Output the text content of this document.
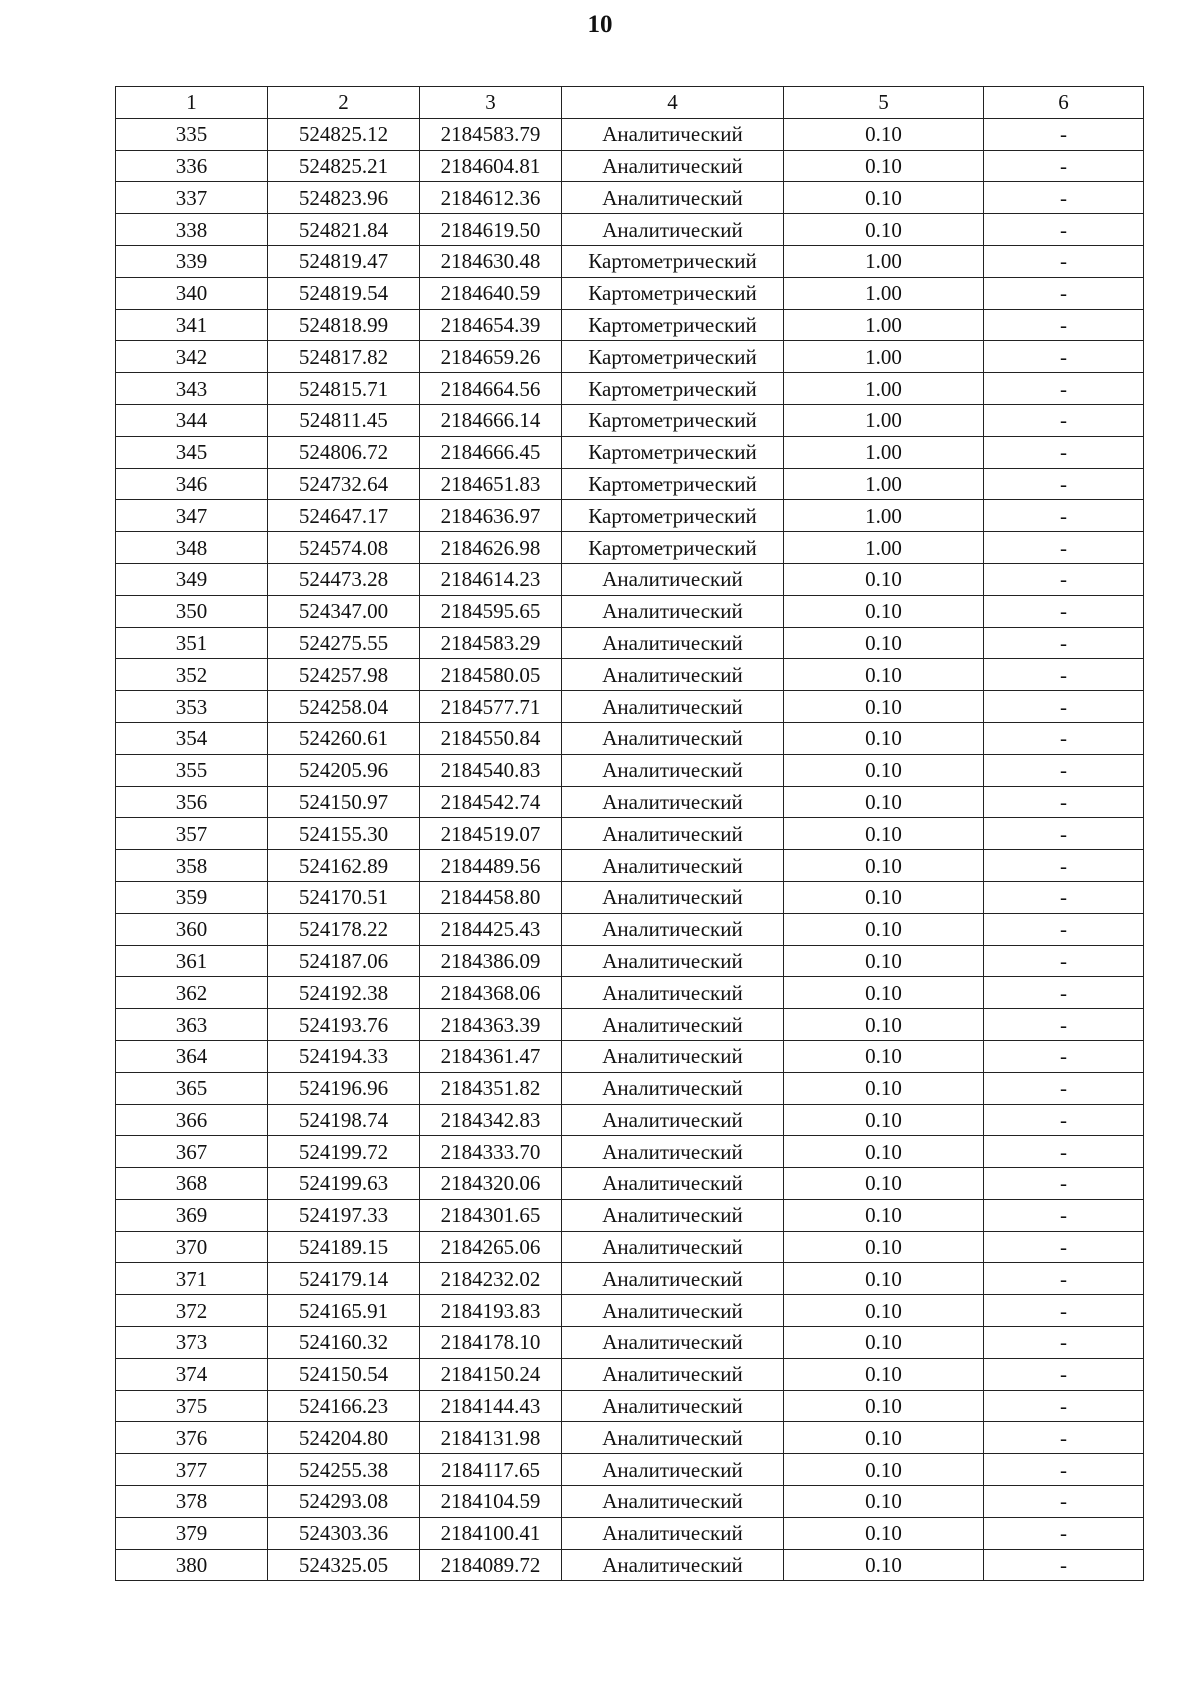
10
1	2	3	4	5	6
335	524825.12	2184583.79	Аналитический	0.10	-
336	524825.21	2184604.81	Аналитический	0.10	-
337	524823.96	2184612.36	Аналитический	0.10	-
338	524821.84	2184619.50	Аналитический	0.10	-
339	524819.47	2184630.48	Картометрический	1.00	-
340	524819.54	2184640.59	Картометрический	1.00	-
341	524818.99	2184654.39	Картометрический	1.00	-
342	524817.82	2184659.26	Картометрический	1.00	-
343	524815.71	2184664.56	Картометрический	1.00	-
344	524811.45	2184666.14	Картометрический	1.00	-
345	524806.72	2184666.45	Картометрический	1.00	-
346	524732.64	2184651.83	Картометрический	1.00	-
347	524647.17	2184636.97	Картометрический	1.00	-
348	524574.08	2184626.98	Картометрический	1.00	-
349	524473.28	2184614.23	Аналитический	0.10	-
350	524347.00	2184595.65	Аналитический	0.10	-
351	524275.55	2184583.29	Аналитический	0.10	-
352	524257.98	2184580.05	Аналитический	0.10	-
353	524258.04	2184577.71	Аналитический	0.10	-
354	524260.61	2184550.84	Аналитический	0.10	-
355	524205.96	2184540.83	Аналитический	0.10	-
356	524150.97	2184542.74	Аналитический	0.10	-
357	524155.30	2184519.07	Аналитический	0.10	-
358	524162.89	2184489.56	Аналитический	0.10	-
359	524170.51	2184458.80	Аналитический	0.10	-
360	524178.22	2184425.43	Аналитический	0.10	-
361	524187.06	2184386.09	Аналитический	0.10	-
362	524192.38	2184368.06	Аналитический	0.10	-
363	524193.76	2184363.39	Аналитический	0.10	-
364	524194.33	2184361.47	Аналитический	0.10	-
365	524196.96	2184351.82	Аналитический	0.10	-
366	524198.74	2184342.83	Аналитический	0.10	-
367	524199.72	2184333.70	Аналитический	0.10	-
368	524199.63	2184320.06	Аналитический	0.10	-
369	524197.33	2184301.65	Аналитический	0.10	-
370	524189.15	2184265.06	Аналитический	0.10	-
371	524179.14	2184232.02	Аналитический	0.10	-
372	524165.91	2184193.83	Аналитический	0.10	-
373	524160.32	2184178.10	Аналитический	0.10	-
374	524150.54	2184150.24	Аналитический	0.10	-
375	524166.23	2184144.43	Аналитический	0.10	-
376	524204.80	2184131.98	Аналитический	0.10	-
377	524255.38	2184117.65	Аналитический	0.10	-
378	524293.08	2184104.59	Аналитический	0.10	-
379	524303.36	2184100.41	Аналитический	0.10	-
380	524325.05	2184089.72	Аналитический	0.10	-
